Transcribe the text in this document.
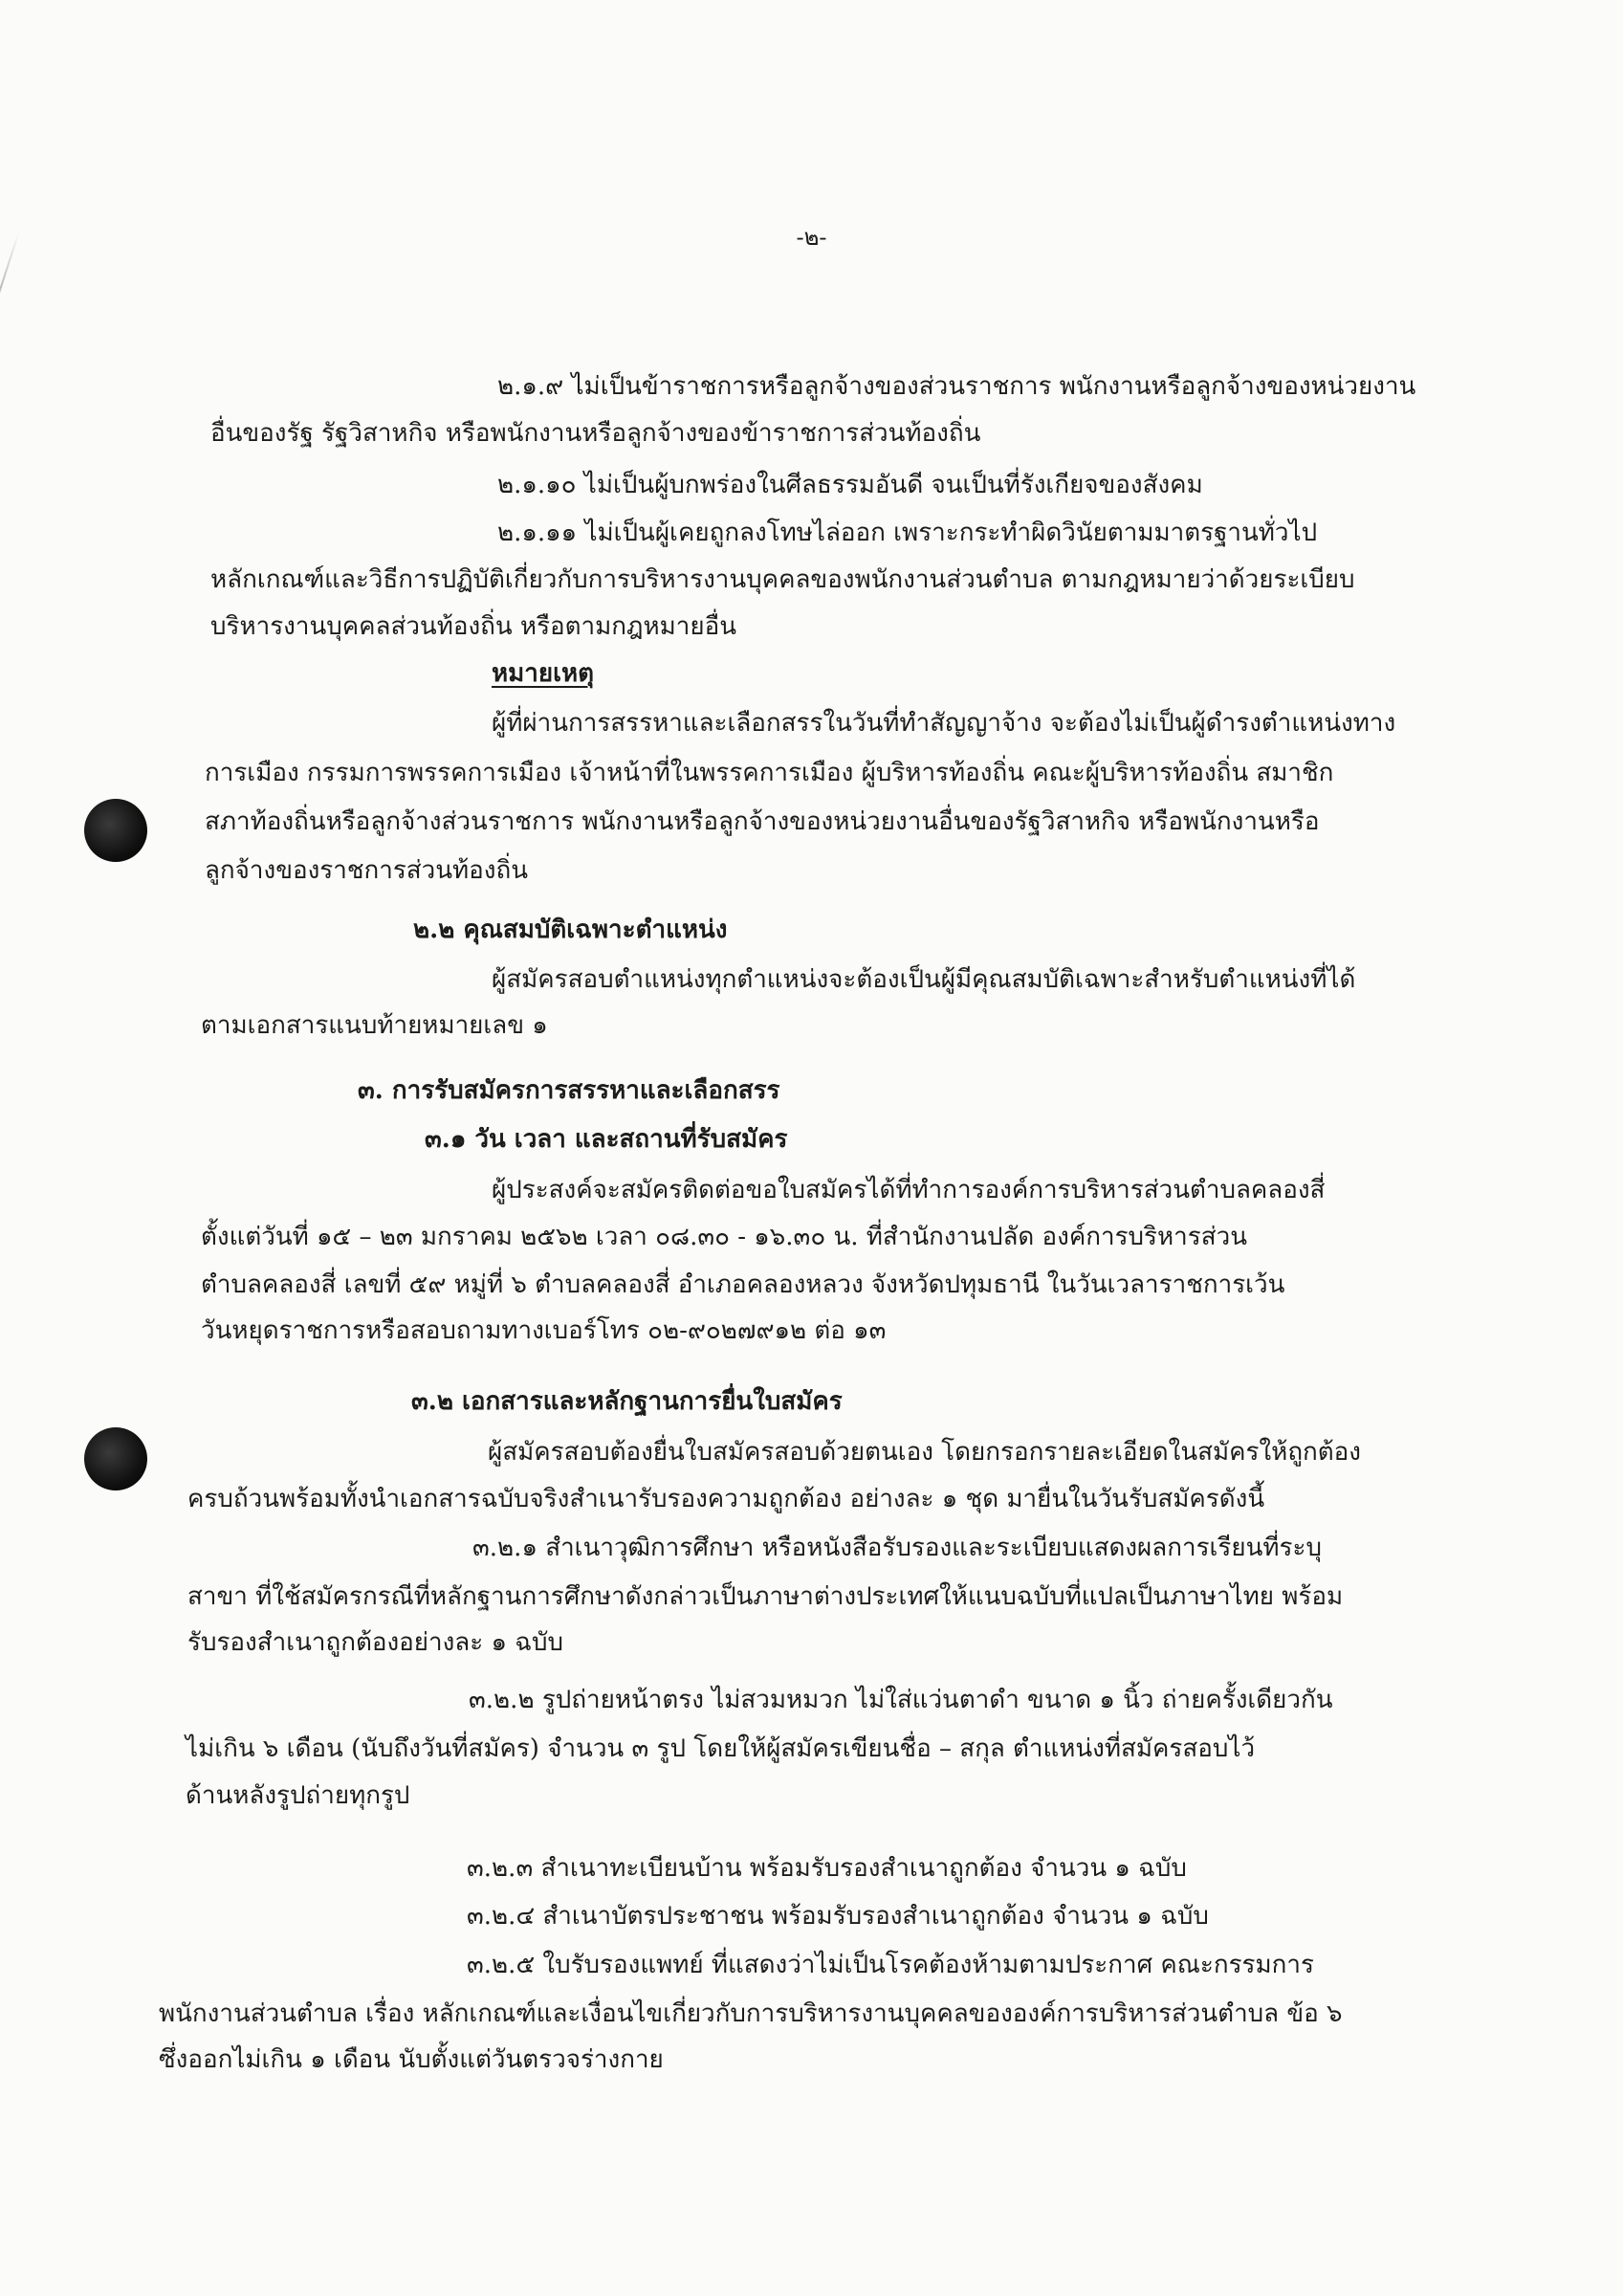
-๒-
๒.๑.๙ ไม่เป็นข้าราชการหรือลูกจ้างของส่วนราชการ พนักงานหรือลูกจ้างของหน่วยงาน
อื่นของรัฐ รัฐวิสาหกิจ หรือพนักงานหรือลูกจ้างของข้าราชการส่วนท้องถิ่น
๒.๑.๑๐ ไม่เป็นผู้บกพร่องในศีลธรรมอันดี จนเป็นที่รังเกียจของสังคม
๒.๑.๑๑ ไม่เป็นผู้เคยถูกลงโทษไล่ออก เพราะกระทำผิดวินัยตามมาตรฐานทั่วไป
หลักเกณฑ์และวิธีการปฏิบัติเกี่ยวกับการบริหารงานบุคคลของพนักงานส่วนตำบล ตามกฎหมายว่าด้วยระเบียบ
บริหารงานบุคคลส่วนท้องถิ่น หรือตามกฎหมายอื่น
หมายเหตุ
ผู้ที่ผ่านการสรรหาและเลือกสรรในวันที่ทำสัญญาจ้าง จะต้องไม่เป็นผู้ดำรงตำแหน่งทาง
การเมือง กรรมการพรรคการเมือง เจ้าหน้าที่ในพรรคการเมือง ผู้บริหารท้องถิ่น คณะผู้บริหารท้องถิ่น สมาชิก
สภาท้องถิ่นหรือลูกจ้างส่วนราชการ พนักงานหรือลูกจ้างของหน่วยงานอื่นของรัฐวิสาหกิจ หรือพนักงานหรือ
ลูกจ้างของราชการส่วนท้องถิ่น
๒.๒ คุณสมบัติเฉพาะตำแหน่ง
ผู้สมัครสอบตำแหน่งทุกตำแหน่งจะต้องเป็นผู้มีคุณสมบัติเฉพาะสำหรับตำแหน่งที่ได้
ตามเอกสารแนบท้ายหมายเลข ๑
๓. การรับสมัครการสรรหาและเลือกสรร
๓.๑ วัน เวลา และสถานที่รับสมัคร
ผู้ประสงค์จะสมัครติดต่อขอใบสมัครได้ที่ทำการองค์การบริหารส่วนตำบลคลองสี่
ตั้งแต่วันที่ ๑๕ – ๒๓ มกราคม ๒๕๖๒ เวลา ๐๘.๓๐ - ๑๖.๓๐ น. ที่สำนักงานปลัด องค์การบริหารส่วน
ตำบลคลองสี่ เลขที่ ๕๙ หมู่ที่ ๖ ตำบลคลองสี่ อำเภอคลองหลวง จังหวัดปทุมธานี ในวันเวลาราชการเว้น
วันหยุดราชการหรือสอบถามทางเบอร์โทร ๐๒-๙๐๒๗๙๑๒ ต่อ ๑๓
๓.๒ เอกสารและหลักฐานการยื่นใบสมัคร
ผู้สมัครสอบต้องยื่นใบสมัครสอบด้วยตนเอง โดยกรอกรายละเอียดในสมัครให้ถูกต้อง
ครบถ้วนพร้อมทั้งนำเอกสารฉบับจริงสำเนารับรองความถูกต้อง อย่างละ ๑ ชุด มายื่นในวันรับสมัครดังนี้
๓.๒.๑ สำเนาวุฒิการศึกษา หรือหนังสือรับรองและระเบียบแสดงผลการเรียนที่ระบุ
สาขา ที่ใช้สมัครกรณีที่หลักฐานการศึกษาดังกล่าวเป็นภาษาต่างประเทศให้แนบฉบับที่แปลเป็นภาษาไทย พร้อม
รับรองสำเนาถูกต้องอย่างละ ๑ ฉบับ
๓.๒.๒ รูปถ่ายหน้าตรง ไม่สวมหมวก ไม่ใส่แว่นตาดำ ขนาด ๑ นิ้ว ถ่ายครั้งเดียวกัน
ไม่เกิน ๖ เดือน (นับถึงวันที่สมัคร) จำนวน ๓ รูป โดยให้ผู้สมัครเขียนชื่อ – สกุล ตำแหน่งที่สมัครสอบไว้
ด้านหลังรูปถ่ายทุกรูป
๓.๒.๓ สำเนาทะเบียนบ้าน พร้อมรับรองสำเนาถูกต้อง จำนวน ๑ ฉบับ
๓.๒.๔ สำเนาบัตรประชาชน พร้อมรับรองสำเนาถูกต้อง จำนวน ๑ ฉบับ
๓.๒.๕ ใบรับรองแพทย์ ที่แสดงว่าไม่เป็นโรคต้องห้ามตามประกาศ คณะกรรมการ
พนักงานส่วนตำบล เรื่อง หลักเกณฑ์และเงื่อนไขเกี่ยวกับการบริหารงานบุคคลขององค์การบริหารส่วนตำบล ข้อ ๖
ซึ่งออกไม่เกิน ๑ เดือน นับตั้งแต่วันตรวจร่างกาย
